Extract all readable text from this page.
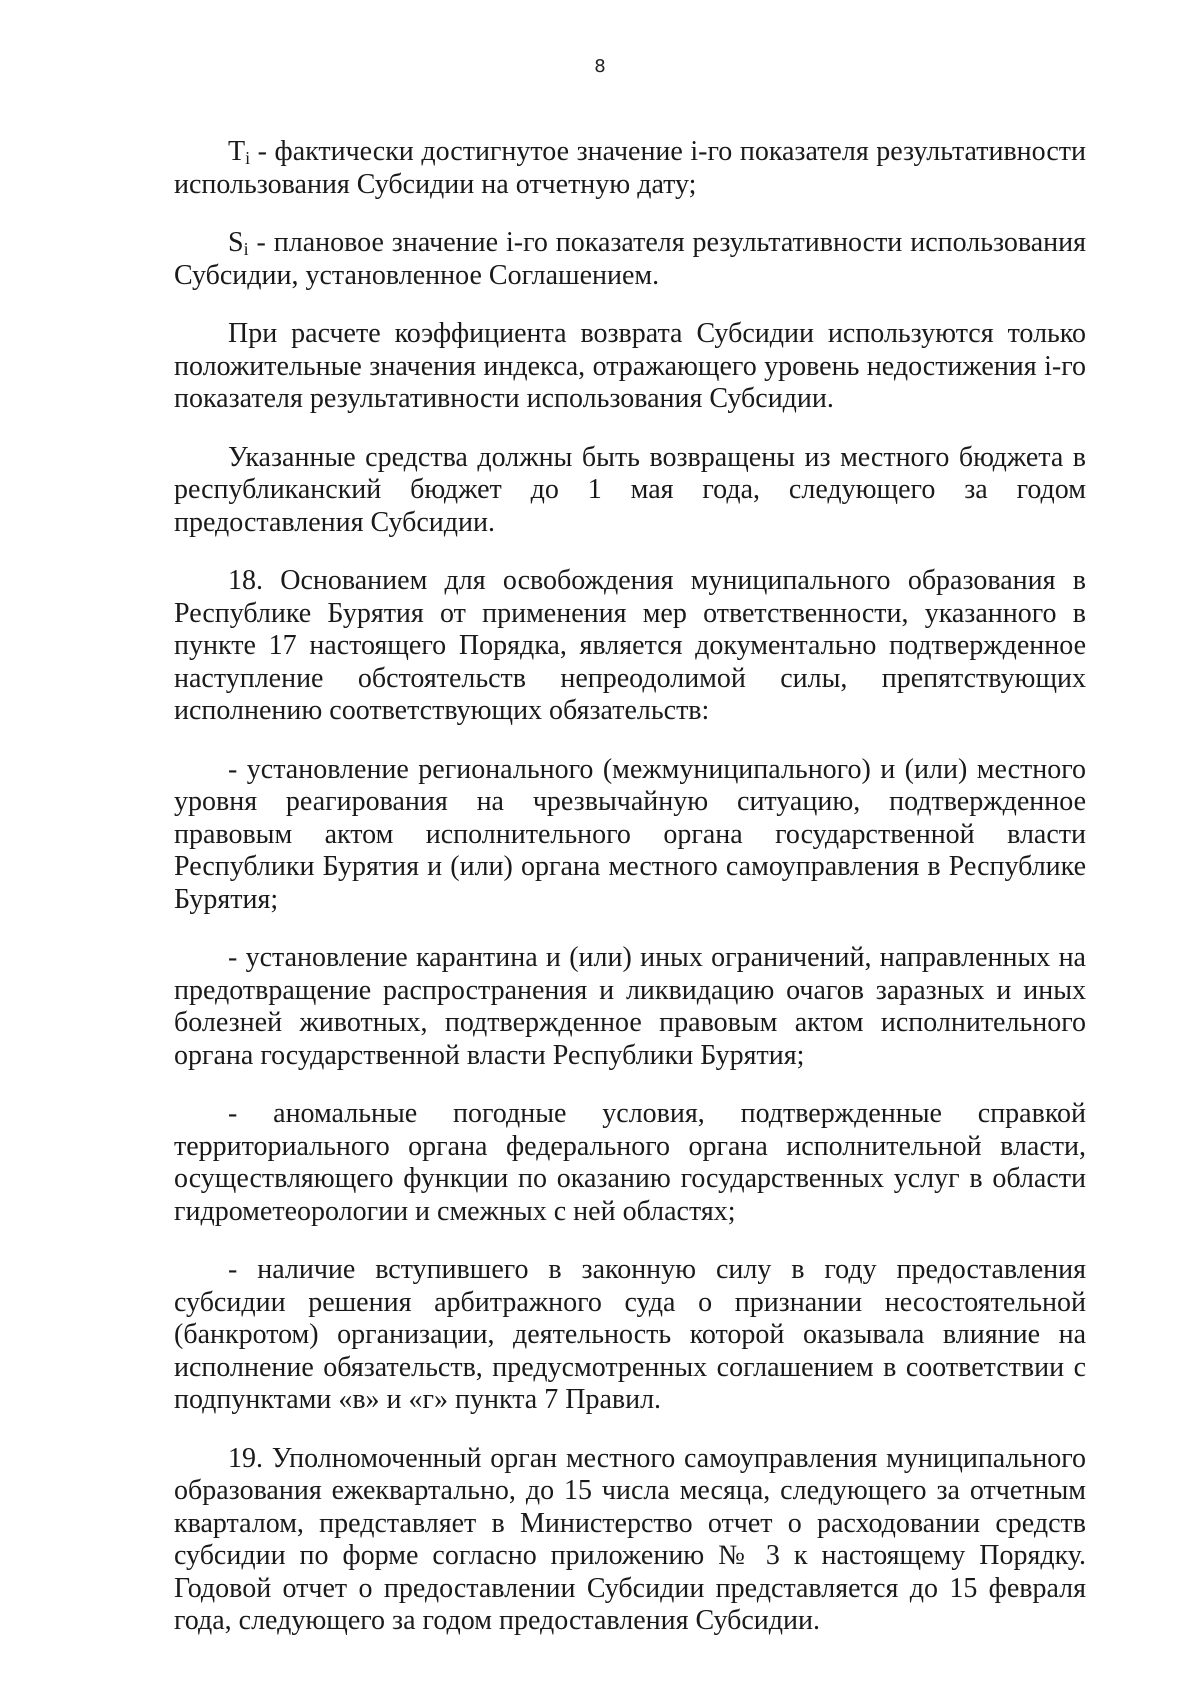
8

$T_i$ - фактически достигнутое значение i-го показателя результативности использования Субсидии на отчетную дату;

$S_i$ - плановое значение i-го показателя результативности использования Субсидии, установленное Соглашением.

При расчете коэффициента возврата Субсидии используются только положительные значения индекса, отражающего уровень недостижения i-го показателя результативности использования Субсидии.

Указанные средства должны быть возвращены из местного бюджета в республиканский бюджет до 1 мая года, следующего за годом предоставления Субсидии.

18. Основанием для освобождения муниципального образования в Республике Бурятия от применения мер ответственности, указанного в пункте 17 настоящего Порядка, является документально подтвержденное наступление обстоятельств непреодолимой силы, препятствующих исполнению соответствующих обязательств:

- установление регионального (межмуниципального) и (или) местного уровня реагирования на чрезвычайную ситуацию, подтвержденное правовым актом исполнительного органа государственной власти Республики Бурятия и (или) органа местного самоуправления в Республике Бурятия;

- установление карантина и (или) иных ограничений, направленных на предотвращение распространения и ликвидацию очагов заразных и иных болезней животных, подтвержденное правовым актом исполнительного органа государственной власти Республики Бурятия;

- аномальные погодные условия, подтвержденные справкой территориального органа федерального органа исполнительной власти, осуществляющего функции по оказанию государственных услуг в области гидрометеорологии и смежных с ней областях;

- наличие вступившего в законную силу в году предоставления субсидии решения арбитражного суда о признании несостоятельной (банкротом) организации, деятельность которой оказывала влияние на исполнение обязательств, предусмотренных соглашением в соответствии с подпунктами «в» и «г» пункта 7 Правил.

19. Уполномоченный орган местного самоуправления муниципального образования ежеквартально, до 15 числа месяца, следующего за отчетным кварталом, представляет в Министерство отчет о расходовании средств субсидии по форме согласно приложению № 3 к настоящему Порядку. Годовой отчет о предоставлении Субсидии представляется до 15 февраля года, следующего за годом предоставления Субсидии.
